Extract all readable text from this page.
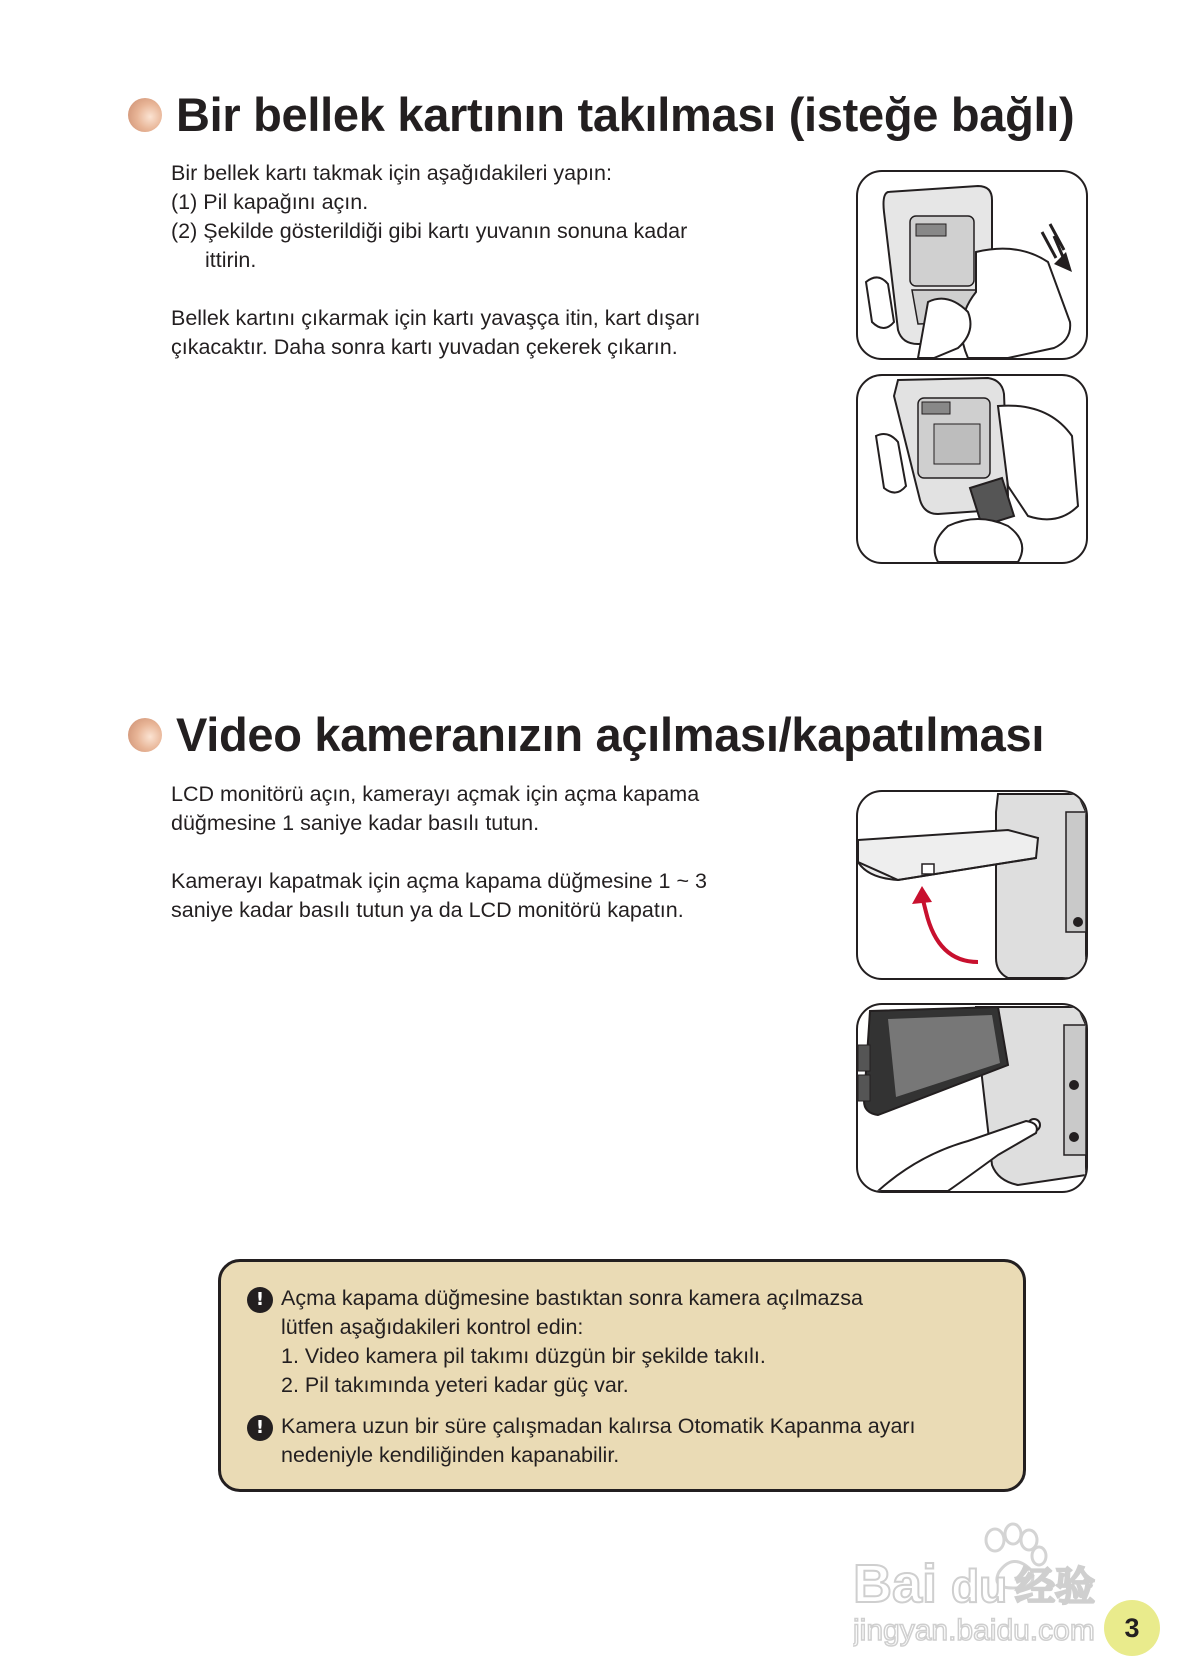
Bir bellek kartının takılması (isteğe bağlı)

Bir bellek kartı takmak için aşağıdakileri yapın:

(1) Pil kapağını açın.

(2) Şekilde gösterildiği gibi kartı yuvanın sonuna kadar

ittirin.

Bellek kartını çıkarmak için kartı yavaşça itin, kart dışarı

çıkacaktır. Daha sonra kartı yuvadan çekerek çıkarın.

Video kameranızın açılması/kapatılması

LCD monitörü açın, kamerayı açmak için açma kapama

düğmesine 1 saniye kadar basılı tutun.

Kamerayı kapatmak için açma kapama düğmesine 1 ~ 3

saniye kadar basılı tutun ya da LCD monitörü kapatın.

! Açma kapama düğmesine bastıktan sonra kamera açılmazsa

lütfen aşağıdakileri kontrol edin:

1. Video kamera pil takımı düzgün bir şekilde takılı.

2. Pil takımında yeteri kadar güç var.

! Kamera uzun bir süre çalışmadan kalırsa Otomatik Kapanma ayarı

nedeniyle kendiliğinden kapanabilir.

Bai du 经验
jingyan.baidu.com	3
